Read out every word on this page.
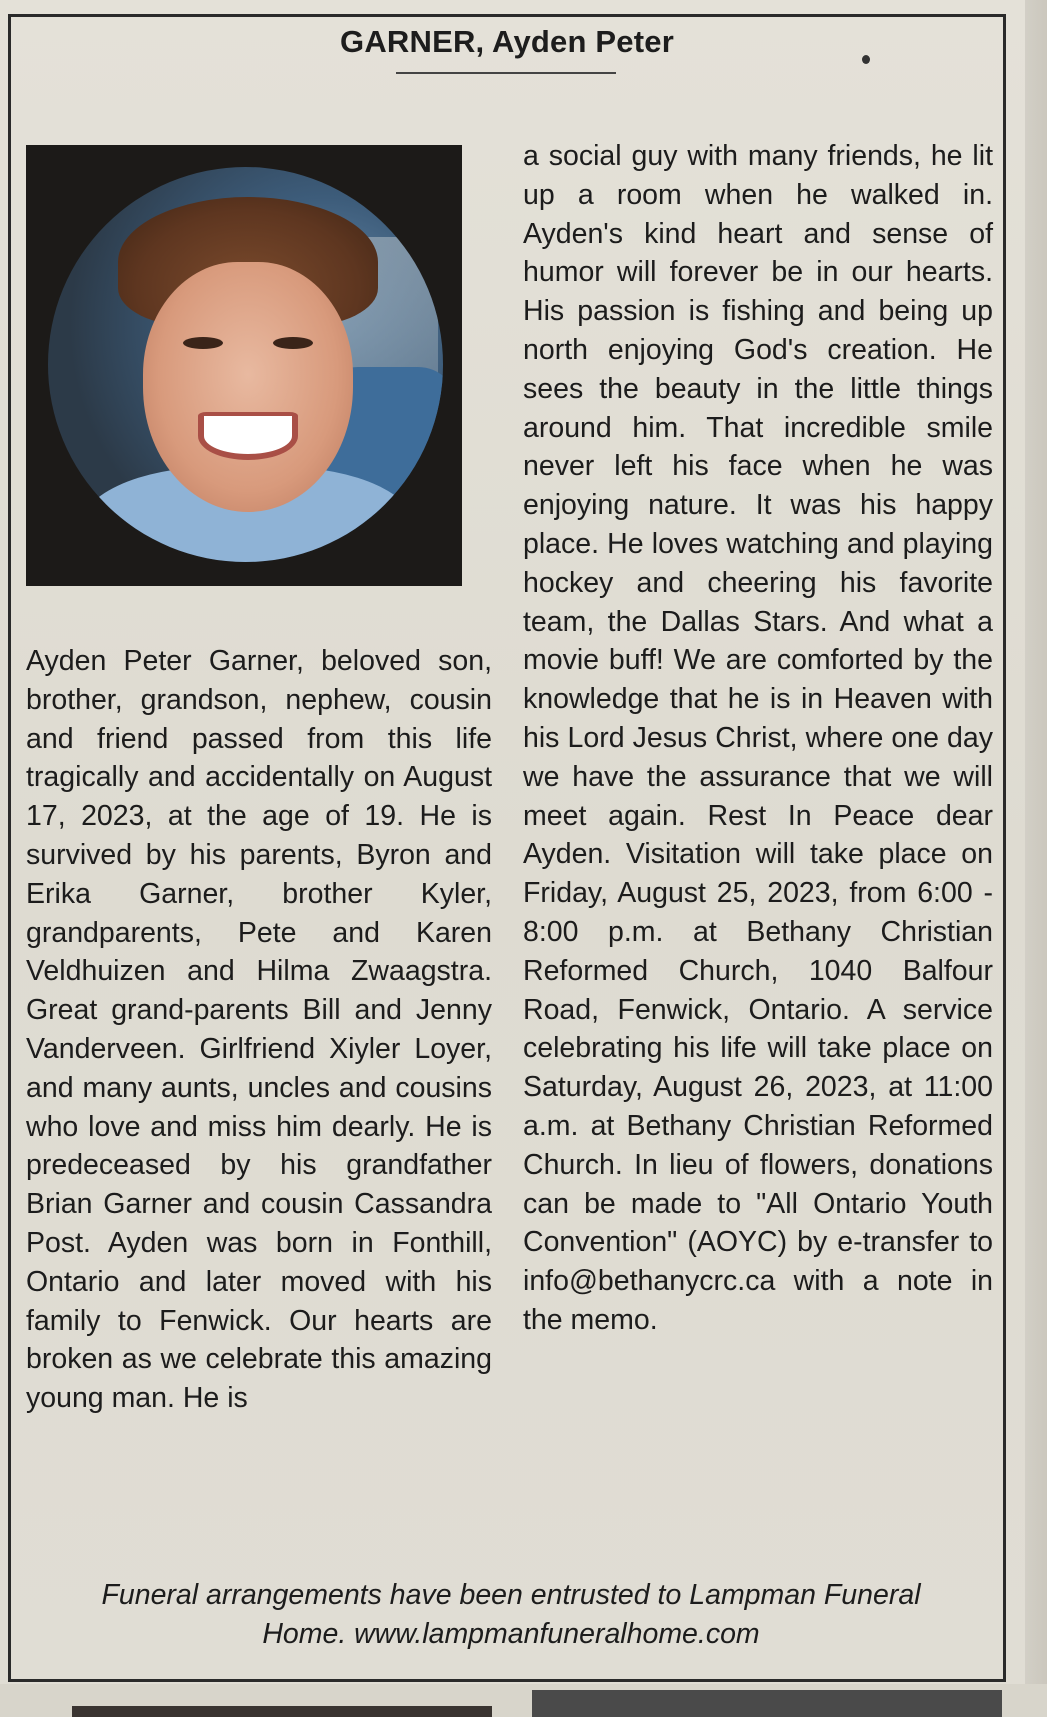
GARNER, Ayden Peter
Ayden Peter Garner, beloved son, brother, grandson, nephew, cousin and friend passed from this life tragically and accidentally on August 17, 2023, at the age of 19. He is survived by his parents, Byron and Erika Garner, brother Kyler, grandparents, Pete and Karen Veldhuizen and Hilma Zwaagstra. Great grand-parents Bill and Jenny Vanderveen. Girlfriend Xiyler Loyer, and many aunts, uncles and cousins who love and miss him dearly. He is predeceased by his grandfather Brian Garner and cousin Cassandra Post. Ayden was born in Fonthill, Ontario and later moved with his family to Fenwick. Our hearts are broken as we celebrate this amazing young man. He is
a social guy with many friends, he lit up a room when he walked in. Ayden's kind heart and sense of humor will forever be in our hearts. His passion is fishing and being up north enjoying God's creation. He sees the beauty in the little things around him. That incredible smile never left his face when he was enjoying nature. It was his happy place. He loves watching and playing hockey and cheering his favorite team, the Dallas Stars. And what a movie buff! We are comforted by the knowledge that he is in Heaven with his Lord Jesus Christ, where one day we have the assurance that we will meet again. Rest In Peace dear Ayden. Visitation will take place on Friday, August 25, 2023, from 6:00 - 8:00 p.m. at Bethany Christian Reformed Church, 1040 Balfour Road, Fenwick, Ontario. A service celebrating his life will take place on Saturday, August 26, 2023, at 11:00 a.m. at Bethany Christian Reformed Church. In lieu of flowers, donations can be made to "All Ontario Youth Convention" (AOYC) by e-transfer to info@bethanycrc.ca with a note in the memo.
Funeral arrangements have been entrusted to Lampman Funeral
Home. www.lampmanfuneralhome.com
